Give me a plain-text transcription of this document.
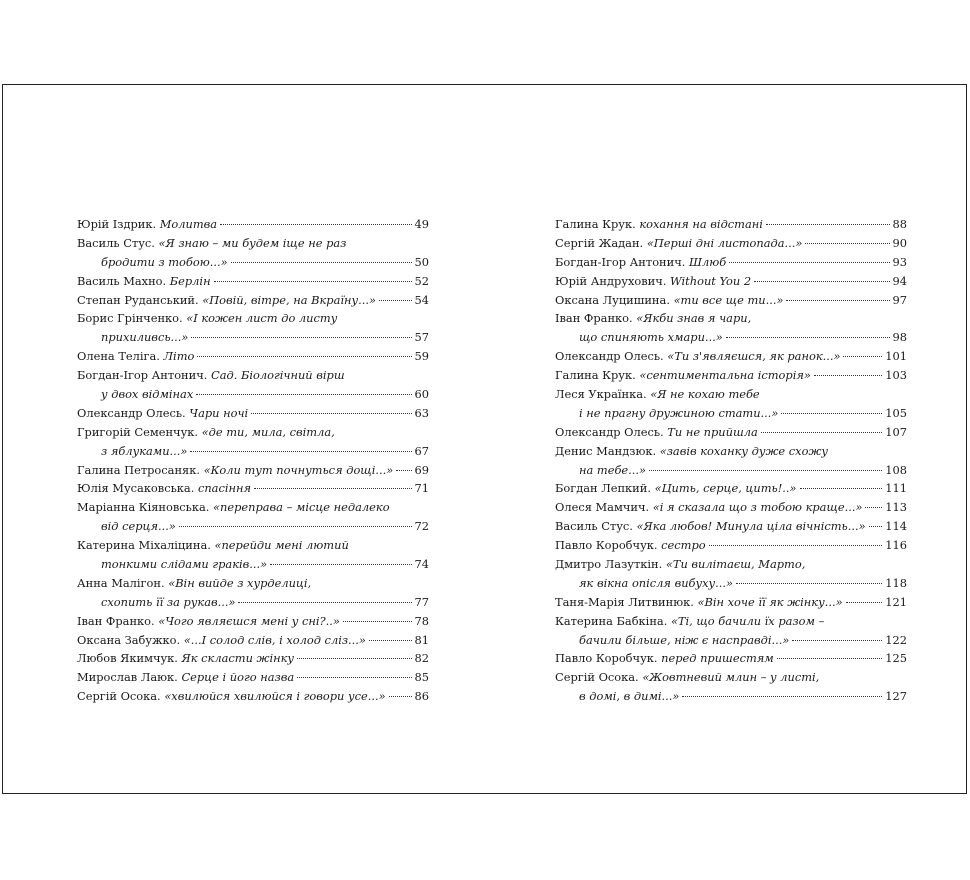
Юрій Іздрик. Молитва	49
Василь Стус. «Я знаю – ми будем іще не раз
бродити з тобою...»	50
Василь Махно. Берлін	52
Степан Руданський. «Повій, вітре, на Вкраїну...»	54
Борис Грінченко. «І кожен лист до листу
прихиливсь...»	57
Олена Теліга. Літо	59
Богдан-Ігор Антонич. Сад. Біологічний вірш
у двох відмінах	60
Олександр Олесь. Чари ночі	63
Григорій Семенчук. «де ти, мила, світла,
з яблуками...»	67
Галина Петросаняк. «Коли тут почнуться дощі...» 69
Юлія Мусаковська. спасіння	71
Маріанна Кіяновська. «переправа – місце недалеко
від серця...»	72
Катерина Міхаліцина. «перейди мені лютий
тонкими слідами граків...»	74
Анна Малігон. «Він вийде з хурделиці,
схопить її за рукав...»	77
Іван Франко. «Чого являєшся мені у сні?..»	78
Оксана Забужко. «...І солод слів, і холод сліз...»	81
Любов Якимчук. Як скласти жінку	82
Мирослав Лаюк. Серце і його назва	85
Сергій Осока. «хвилюйся хвилюйся і говори усе...»	86
Галина Крук. кохання на відстані	88
Сергій Жадан. «Перші дні листопада...»	90
Богдан-Ігор Антонич. Шлюб	93
Юрій Андрухович. Without You 2	94
Оксана Луцишина. «ти все ще ти...»	97
Іван Франко. «Якби знав я чари,
що спиняють хмари...»	98
Олександр Олесь. «Ти з'являєшся, як ранок...»	101
Галина Крук. «сентиментальна історія»	103
Леся Українка. «Я не кохаю тебе
і не прагну дружиною стати...»	105
Олександр Олесь. Ти не прийшла	107
Денис Мандзюк. «завів коханку дуже схожу
на тебе...»	108
Богдан Лепкий. «Цить, серце, цить!..»	111
Олеся Мамчич. «і я сказала що з тобою краще...» 113
Василь Стус. «Яка любов! Минула ціла вічність...» 114
Павло Коробчук. сестро	116
Дмитро Лазуткін. «Ти вилітаєш, Марто,
як вікна опісля вибуху...»	118
Таня-Марія Литвинюк. «Він хоче її як жінку...»	121
Катерина Бабкіна. «Ті, що бачили їх разом –
бачили більше, ніж є насправді...»	122
Павло Коробчук. перед пришестям	125
Сергій Осока. «Жовтневий млин – у листі,
в домі, в димі...»	127
